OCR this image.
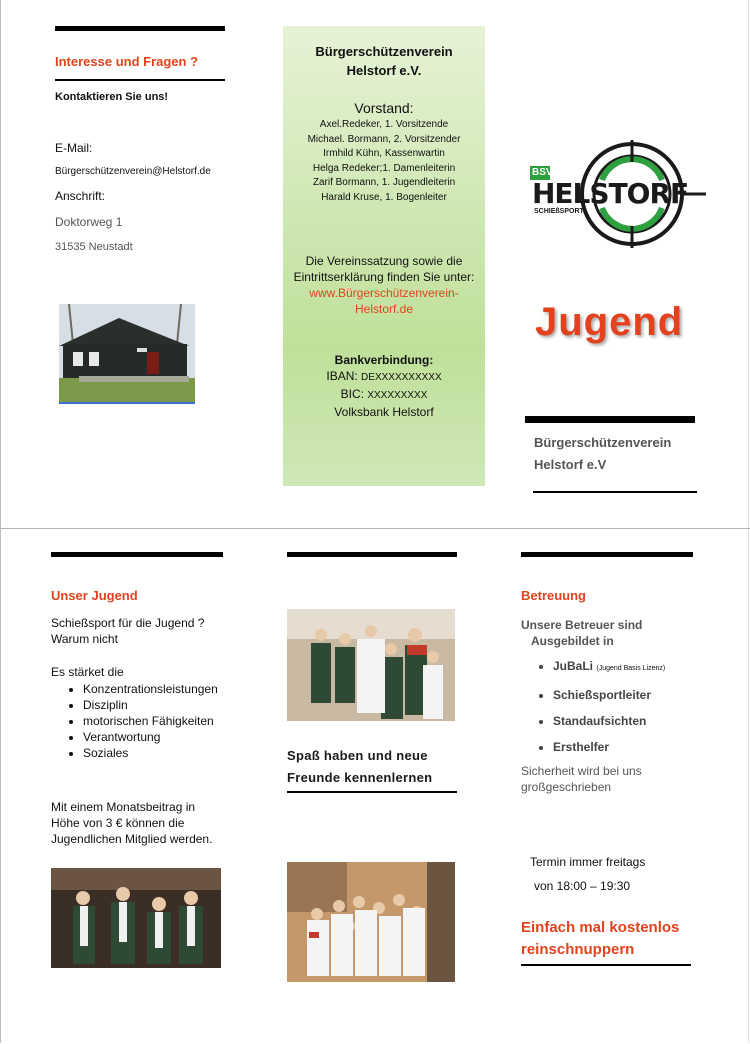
Interesse und Fragen ?
Kontaktieren Sie uns!
E-Mail:
Bürgerschützenverein@Helstorf.de
Anschrift:
Doktorweg 1
31535 Neustadt
Bürgerschützenverein
Helstorf e.V.
Vorstand:
Axel.Redeker, 1. Vorsitzende
Michael. Bormann, 2. Vorsitzender
Irmhild Kühn, Kassenwartin
Helga Redeker;1. Damenleiterin
Zarif Bormann, 1. Jugendleiterin
Harald Kruse, 1. Bogenleiter
Die Vereinssatzung sowie die
Eintrittserklärung finden Sie unter:
www.Bürgerschützenverein-
Helstorf.de
Bankverbindung:
IBAN: DEXXXXXXXXXX
BIC: XXXXXXXXX
Volksbank Helstorf
BSV
HELSTORF
SCHIEßSPORT
Jugend
Bürgerschützenverein
Helstorf e.V
Unser Jugend
Schießsport für die Jugend ?
Warum nicht
Es stärket die
• Konzentrationsleistungen
• Disziplin
• motorischen Fähigkeiten
• Verantwortung
• Soziales
Mit einem Monatsbeitrag in
Höhe von 3 € können die
Jugendlichen Mitglied werden.
Spaß haben und neue
Freunde kennenlernen
Betreuung
Unsere Betreuer sind
Ausgebildet in
• JuBaLi (Jugend Basis Lizenz)
• Schießsportleiter
• Standaufsichten
• Ersthelfer
Sicherheit wird bei uns
großgeschrieben
Termin immer freitags
von 18:00 – 19:30
Einfach mal kostenlos
reinschnuppern
